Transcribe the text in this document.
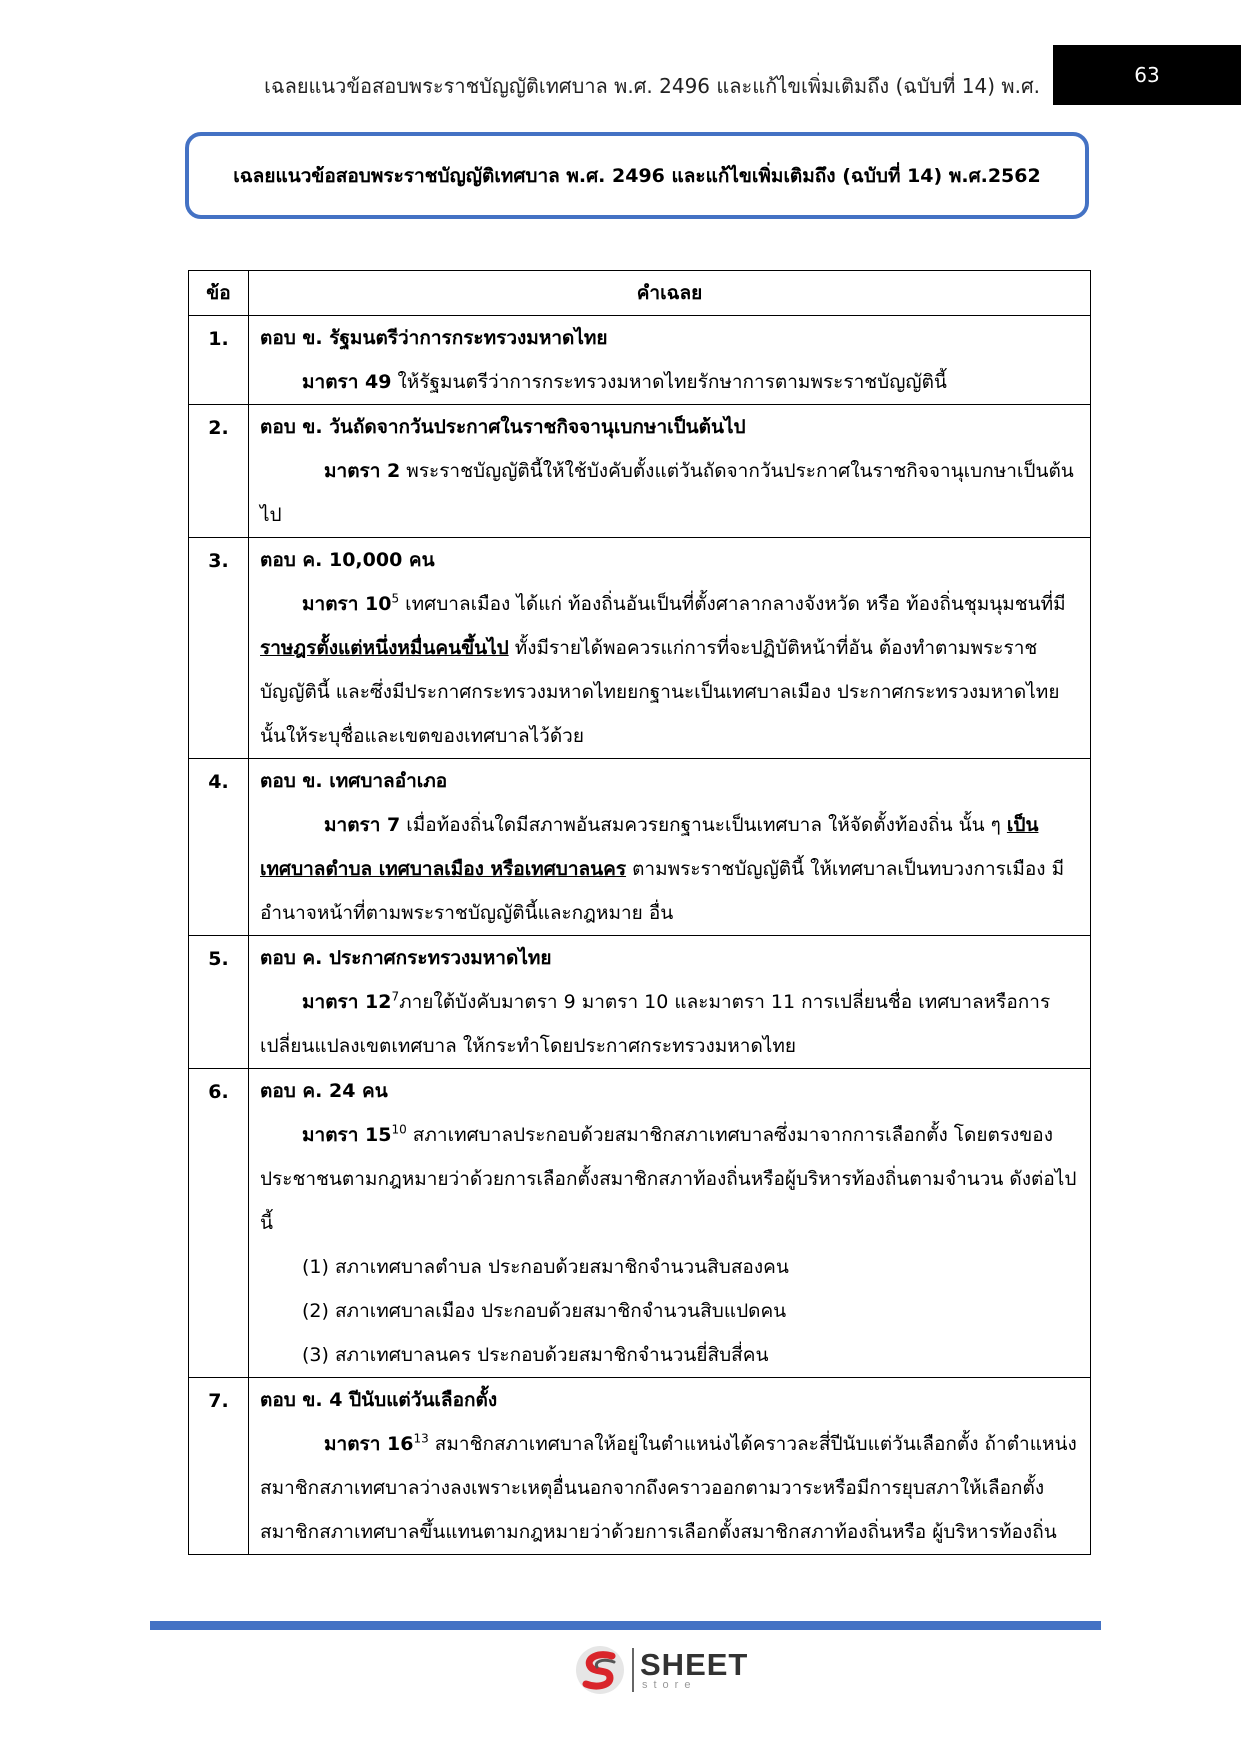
เฉลยแนวข้อสอบพระราชบัญญัติเทศบาล พ.ศ. 2496 และแก้ไขเพิ่มเติมถึง (ฉบับที่ 14) พ.ศ.	63
เฉลยแนวข้อสอบพระราชบัญญัติเทศบาล พ.ศ. 2496 และแก้ไขเพิ่มเติมถึง (ฉบับที่ 14) พ.ศ.2562
ข้อ	คำเฉลย
1.	ตอบ ข. รัฐมนตรีว่าการกระทรวงมหาดไทย
มาตรา 49 ให้รัฐมนตรีว่าการกระทรวงมหาดไทยรักษาการตามพระราชบัญญัตินี้

2.	ตอบ ข. วันถัดจากวันประกาศในราชกิจจานุเบกษาเป็นต้นไป
มาตรา 2 พระราชบัญญัตินี้ให้ใช้บังคับตั้งแต่วันถัดจากวันประกาศในราชกิจจานุเบกษาเป็นต้นไป

3.	ตอบ ค. 10,000 คน
มาตรา $10^5$ เทศบาลเมือง ได้แก่ ท้องถิ่นอันเป็นที่ตั้งศาลากลางจังหวัด หรือ ท้องถิ่นชุมนุมชนที่มีราษฎรตั้งแต่หนึ่งหมื่นคนขึ้นไป ทั้งมีรายได้พอควรแก่การที่จะปฏิบัติหน้าที่อัน ต้องทำตามพระราชบัญญัตินี้ และซึ่งมีประกาศกระทรวงมหาดไทยยกฐานะเป็นเทศบาลเมือง ประกาศกระทรวงมหาดไทยนั้นให้ระบุชื่อและเขตของเทศบาลไว้ด้วย

4.	ตอบ ข. เทศบาลอำเภอ
มาตรา 7 เมื่อท้องถิ่นใดมีสภาพอันสมควรยกฐานะเป็นเทศบาล ให้จัดตั้งท้องถิ่น นั้น ๆ เป็นเทศบาลตำบล เทศบาลเมือง หรือเทศบาลนคร ตามพระราชบัญญัตินี้ ให้เทศบาลเป็นทบวงการเมือง มีอำนาจหน้าที่ตามพระราชบัญญัตินี้และกฎหมาย อื่น

5.	ตอบ ค. ประกาศกระทรวงมหาดไทย
มาตรา $12^7$ภายใต้บังคับมาตรา 9 มาตรา 10 และมาตรา 11 การเปลี่ยนชื่อ เทศบาลหรือการเปลี่ยนแปลงเขตเทศบาล ให้กระทำโดยประกาศกระทรวงมหาดไทย

6.	ตอบ ค. 24 คน
มาตรา $15^{10}$ สภาเทศบาลประกอบด้วยสมาชิกสภาเทศบาลซึ่งมาจากการเลือกตั้ง โดยตรงของประชาชนตามกฎหมายว่าด้วยการเลือกตั้งสมาชิกสภาท้องถิ่นหรือผู้บริหารท้องถิ่นตามจำนวน ดังต่อไปนี้
(1) สภาเทศบาลตำบล ประกอบด้วยสมาชิกจำนวนสิบสองคน
(2) สภาเทศบาลเมือง ประกอบด้วยสมาชิกจำนวนสิบแปดคน
(3) สภาเทศบาลนคร ประกอบด้วยสมาชิกจำนวนยี่สิบสี่คน

7.	ตอบ ข. 4 ปีนับแต่วันเลือกตั้ง
มาตรา $16^{13}$ สมาชิกสภาเทศบาลให้อยู่ในตำแหน่งได้คราวละสี่ปีนับแต่วันเลือกตั้ง ถ้าตำแหน่งสมาชิกสภาเทศบาลว่างลงเพราะเหตุอื่นนอกจากถึงคราวออกตามวาระหรือมีการยุบสภาให้เลือกตั้งสมาชิกสภาเทศบาลขึ้นแทนตามกฎหมายว่าด้วยการเลือกตั้งสมาชิกสภาท้องถิ่นหรือ ผู้บริหารท้องถิ่น
SHEET
store
